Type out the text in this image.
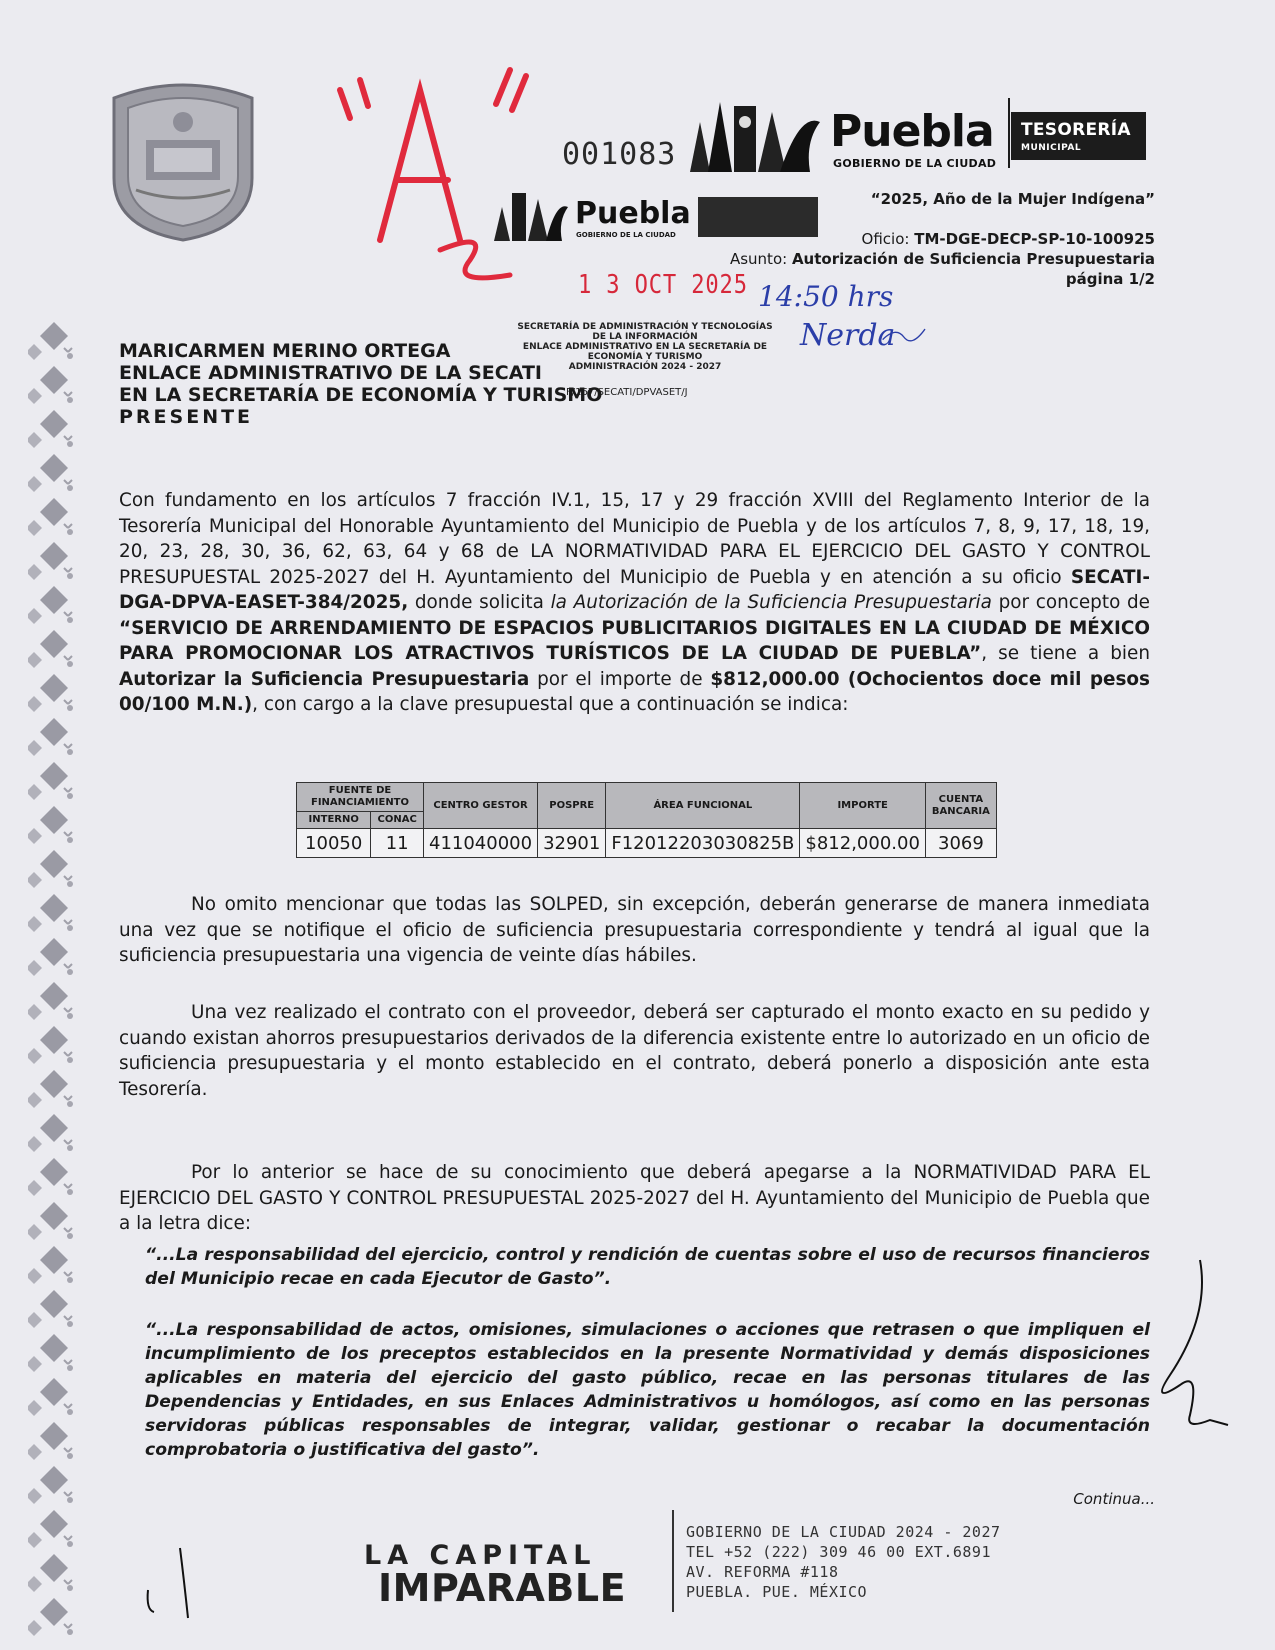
001083	Puebla
GOBIERNO DE LA CIUDAD
TESORERÍA
MUNICIPAL
Puebla
GOBIERNO DE LA CIUDAD
“2025, Año de la Mujer Indígena”
Oficio: TM-DGE-DECP-SP-10-100925
Asunto: Autorización de Suficiencia Presupuestaria
página 1/2
1 3 OCT 2025 14:50 hrs
SECRETARÍA DE ADMINISTRACIÓN Y TECNOLOGÍAS
DE LA INFORMACIÓN
ENLACE ADMINISTRATIVO EN LA SECRETARÍA DE
ECONOMÍA Y TURISMO
ADMINISTRACIÓN 2024 - 2027
F/167/SECATI/DPVASET/J
Nerda
MARICARMEN MERINO ORTEGA
ENLACE ADMINISTRATIVO DE LA SECATI
EN LA SECRETARÍA DE ECONOMÍA Y TURISMO
PRESENTE
Con fundamento en los artículos 7 fracción IV.1, 15, 17 y 29 fracción XVIII del Reglamento Interior de la Tesorería Municipal del Honorable Ayuntamiento del Municipio de Puebla y de los artículos 7, 8, 9, 17, 18, 19, 20, 23, 28, 30, 36, 62, 63, 64 y 68 de LA NORMATIVIDAD PARA EL EJERCICIO DEL GASTO Y CONTROL PRESUPUESTAL 2025-2027 del H. Ayuntamiento del Municipio de Puebla y en atención a su oficio SECATI-DGA-DPVA-EASET-384/2025, donde solicita la Autorización de la Suficiencia Presupuestaria por concepto de “SERVICIO DE ARRENDAMIENTO DE ESPACIOS PUBLICITARIOS DIGITALES EN LA CIUDAD DE MÉXICO PARA PROMOCIONAR LOS ATRACTIVOS TURÍSTICOS DE LA CIUDAD DE PUEBLA”, se tiene a bien Autorizar la Suficiencia Presupuestaria por el importe de $812,000.00 (Ochocientos doce mil pesos 00/100 M.N.), con cargo a la clave presupuestal que a continuación se indica:
FUENTE DE FINANCIAMIENTO		CENTRO GESTOR	POSPRE	ÁREA FUNCIONAL	IMPORTE	CUENTA BANCARIA
INTERNO	CONAC					
10050	11	411040000	32901	F12012203030825B	$812,000.00	3069
No omito mencionar que todas las SOLPED, sin excepción, deberán generarse de manera inmediata una vez que se notifique el oficio de suficiencia presupuestaria correspondiente y tendrá al igual que la suficiencia presupuestaria una vigencia de veinte días hábiles.
Una vez realizado el contrato con el proveedor, deberá ser capturado el monto exacto en su pedido y cuando existan ahorros presupuestarios derivados de la diferencia existente entre lo autorizado en un oficio de suficiencia presupuestaria y el monto establecido en el contrato, deberá ponerlo a disposición ante esta Tesorería.
Por lo anterior se hace de su conocimiento que deberá apegarse a la NORMATIVIDAD PARA EL EJERCICIO DEL GASTO Y CONTROL PRESUPUESTAL 2025-2027 del H. Ayuntamiento del Municipio de Puebla que a la letra dice:
“...La responsabilidad del ejercicio, control y rendición de cuentas sobre el uso de recursos financieros del Municipio recae en cada Ejecutor de Gasto”.
“...La responsabilidad de actos, omisiones, simulaciones o acciones que retrasen o que impliquen el incumplimiento de los preceptos establecidos en la presente Normatividad y demás disposiciones aplicables en materia del ejercicio del gasto público, recae en las personas titulares de las Dependencias y Entidades, en sus Enlaces Administrativos u homólogos, así como en las personas servidoras públicas responsables de integrar, validar, gestionar o recabar la documentación comprobatoria o justificativa del gasto”.
Continua...
LA CAPITAL
IMPARABLE
GOBIERNO DE LA CIUDAD 2024 - 2027
TEL +52 (222) 309 46 00 EXT.6891
AV. REFORMA #118
PUEBLA. PUE. MÉXICO
